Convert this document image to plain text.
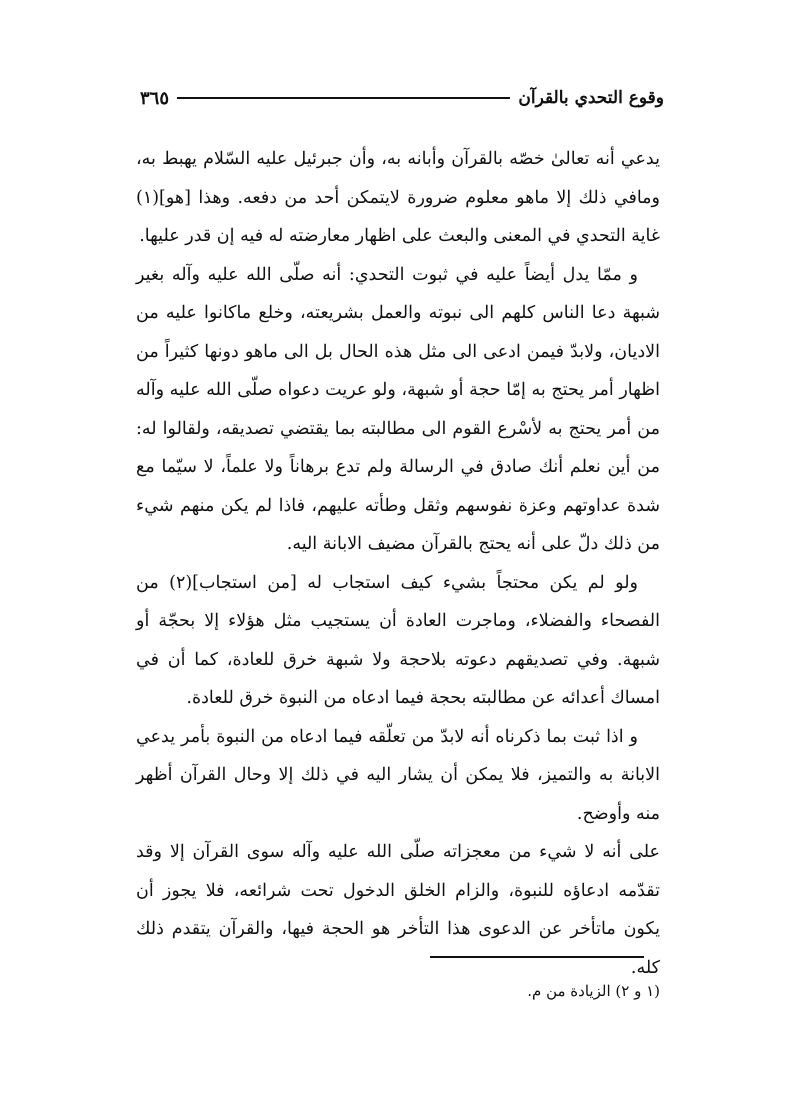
وقوع التحدي بالقرآن
٣٦٥

يدعي أنه تعالىٰ خصّه بالقرآن وأبانه به، وأن جبرئيل عليه السّلام يهبط به، ومافي ذلك إلا ماهو معلوم ضرورة لايتمكن أحد من دفعه. وهذا [هو](١) غاية التحدي في المعنى والبعث على اظهار معارضته له فيه إن قدر عليها.

و ممّا يدل أيضاً عليه في ثبوت التحدي: أنه صلّى الله عليه وآله بغير شبهة دعا الناس كلهم الى نبوته والعمل بشريعته، وخلع ماكانوا عليه من الاديان، ولابدّ فيمن ادعى الى مثل هذه الحال بل الى ماهو دونها كثيراً من اظهار أمر يحتج به إمّا حجة أو شبهة، ولو عريت دعواه صلّى الله عليه وآله من أمر يحتج به لأسْرع القوم الى مطالبته بما يقتضي تصديقه، ولقالوا له: من أين نعلم أنك صادق في الرسالة ولم تدع برهاناً ولا علماً، لا سيّما مع شدة عداوتهم وعزة نفوسهم وثقل وطأته عليهم، فاذا لم يكن منهم شيء من ذلك دلّ على أنه يحتج بالقرآن مضيف الابانة اليه.

ولو لم يكن محتجاً بشيء كيف استجاب له [من استجاب](٢) من الفصحاء والفضلاء، وماجرت العادة أن يستجيب مثل هؤلاء إلا بحجّة أو شبهة. وفي تصديقهم دعوته بلاحجة ولا شبهة خرق للعادة، كما أن في امساك أعدائه عن مطالبته بحجة فيما ادعاه من النبوة خرق للعادة.

و اذا ثبت بما ذكرناه أنه لابدّ من تعلّقه فيما ادعاه من النبوة بأمر يدعي الابانة به والتميز، فلا يمكن أن يشار اليه في ذلك إلا وحال القرآن أظهر منه وأوضح.

على أنه لا شيء من معجزاته صلّى الله عليه وآله سوى القرآن إلا وقد تقدّمه ادعاؤه للنبوة، والزام الخلق الدخول تحت شرائعه، فلا يجوز أن يكون ماتأخر عن الدعوى هذا التأخر هو الحجة فيها، والقرآن يتقدم ذلك كله.

(١ و ٢) الزيادة من م.
